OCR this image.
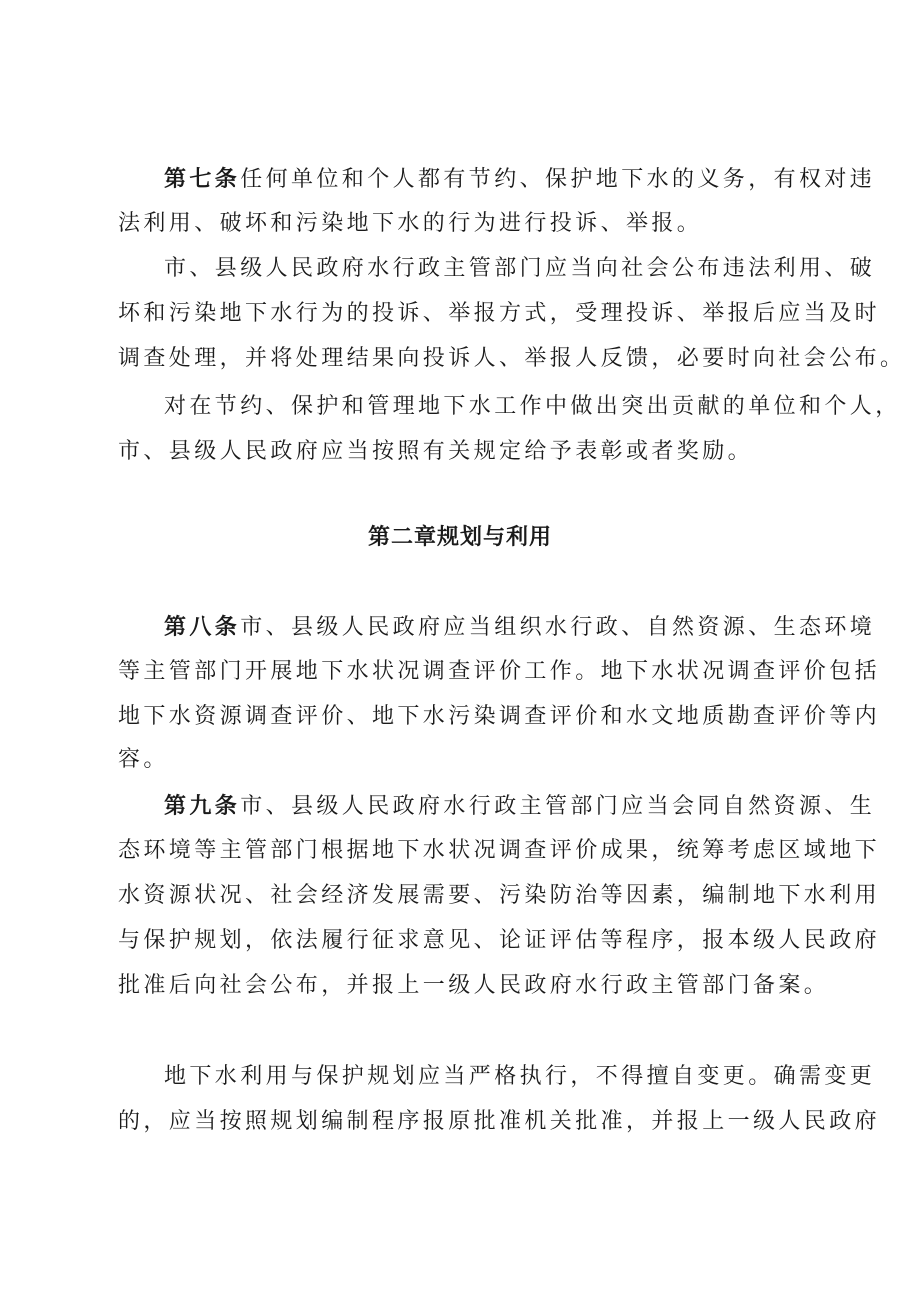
第七条任何单位和个人都有节约、保护地下水的义务，有权对违
法利用、破坏和污染地下水的行为进行投诉、举报。
市、县级人民政府水行政主管部门应当向社会公布违法利用、破
坏和污染地下水行为的投诉、举报方式，受理投诉、举报后应当及时
调查处理，并将处理结果向投诉人、举报人反馈，必要时向社会公布。
对在节约、保护和管理地下水工作中做出突出贡献的单位和个人，
市、县级人民政府应当按照有关规定给予表彰或者奖励。
第二章规划与利用
第八条市、县级人民政府应当组织水行政、自然资源、生态环境
等主管部门开展地下水状况调查评价工作。地下水状况调查评价包括
地下水资源调查评价、地下水污染调查评价和水文地质勘查评价等内
容。
第九条市、县级人民政府水行政主管部门应当会同自然资源、生
态环境等主管部门根据地下水状况调查评价成果，统筹考虑区域地下
水资源状况、社会经济发展需要、污染防治等因素，编制地下水利用
与保护规划，依法履行征求意见、论证评估等程序，报本级人民政府
批准后向社会公布，并报上一级人民政府水行政主管部门备案。
地下水利用与保护规划应当严格执行，不得擅自变更。确需变更
的，应当按照规划编制程序报原批准机关批准，并报上一级人民政府
